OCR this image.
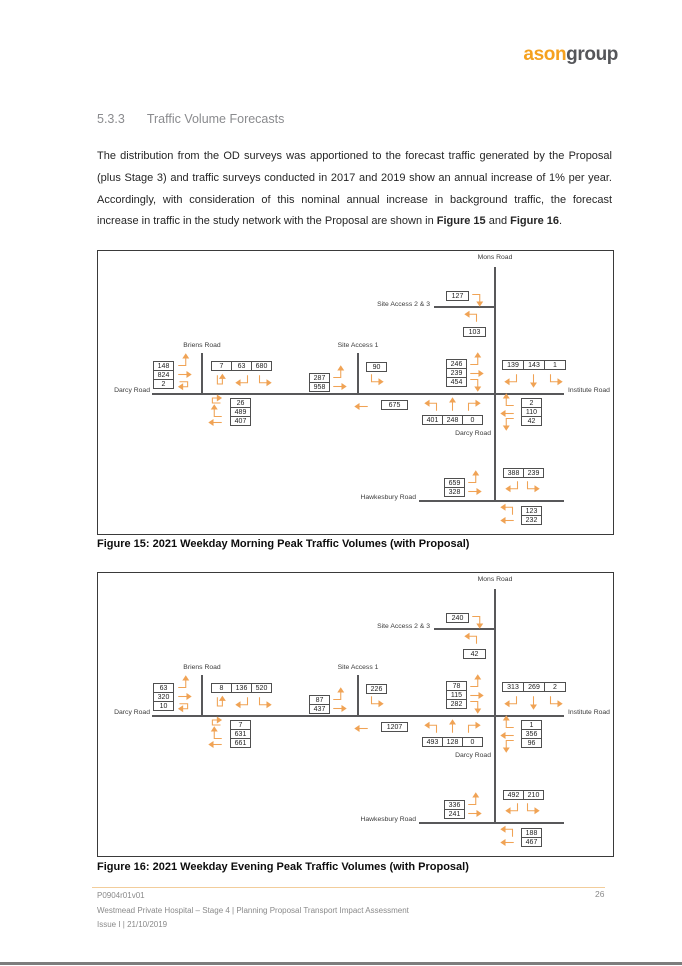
asongroup
5.3.3 Traffic Volume Forecasts
The distribution from the OD surveys was apportioned to the forecast traffic generated by the Proposal (plus Stage 3) and traffic surveys conducted in 2017 and 2019 show an annual increase of 1% per year. Accordingly, with consideration of this nominal annual increase in background traffic, the forecast increase in traffic in the study network with the Proposal are shown in Figure 15 and Figure 16.
Darcy Road
Briens Road	Site Access 1
Mons Road
Site Access 2 & 3
Institute Road
Darcy Road
Hawkesbury Road
148
824
2
7	63	680
26
489
407
287
958
90
675
127
103
246
239
454
139	143	1
401	248	0
2
110
42
659
328
388	239
123
232
Figure 15: 2021 Weekday Morning Peak Traffic Volumes (with Proposal)
Darcy Road
Briens Road	Site Access 1
Mons Road
Site Access 2 & 3
Institute Road
Darcy Road
Hawkesbury Road
63
320
10
8	136	520
7
631
661
87
437
226
1207
240
42
78
115
282
313	269	2
493	128	0
1
356
96
336
241
492	210
188
467
Figure 16: 2021 Weekday Evening Peak Traffic Volumes (with Proposal)
P0904r01v01
Westmead Private Hospital – Stage 4 | Planning Proposal Transport Impact Assessment
Issue I | 21/10/2019
26
